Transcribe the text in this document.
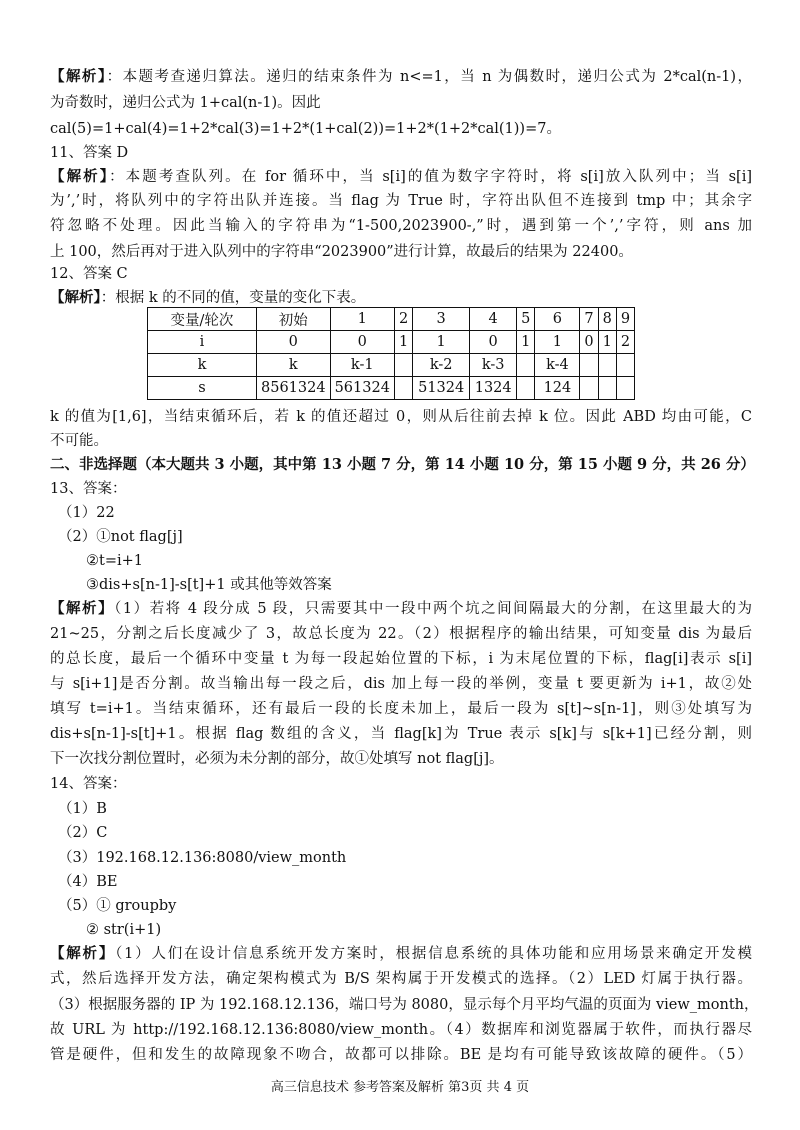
【解析】：本题考查递归算法。递归的结束条件为 n<=1，当 n 为偶数时，递归公式为 2*cal(n-1)，
为奇数时，递归公式为 1+cal(n-1)。因此
cal(5)=1+cal(4)=1+2*cal(3)=1+2*(1+cal(2))=1+2*(1+2*cal(1))=7。
11、答案 D
【解析】：本题考查队列。在 for 循环中，当 s[i]的值为数字字符时，将 s[i]放入队列中；当 s[i]
为’,’时，将队列中的字符出队并连接。当 flag 为 True 时，字符出队但不连接到 tmp 中；其余字
符忽略不处理。因此当输入的字符串为“1-500,2023900-,”时，遇到第一个’,’字符，则 ans 加
上 100，然后再对于进入队列中的字符串“2023900”进行计算，故最后的结果为 22400。
12、答案 C
【解析】：根据 k 的不同的值，变量的变化下表。
变量/轮次	初始	1	2	3	4	5	6	7	8	9
i	0	0	1	1	0	1	1	0	1	2
k	k	k-1		k-2	k-3		k-4			
s	8561324	561324		51324	1324		124			
k 的值为[1,6]，当结束循环后，若 k 的值还超过 0，则从后往前去掉 k 位。因此 ABD 均由可能，C
不可能。
二、非选择题（本大题共 3 小题，其中第 13 小题 7 分，第 14 小题 10 分，第 15 小题 9 分，共 26 分）
13、答案：
（1）22
（2）①not flag[j]
②t=i+1
③dis+s[n-1]-s[t]+1 或其他等效答案
【解析】（1）若将 4 段分成 5 段，只需要其中一段中两个坑之间间隔最大的分割，在这里最大的为
21~25，分割之后长度减少了 3，故总长度为 22。（2）根据程序的输出结果，可知变量 dis 为最后
的总长度，最后一个循环中变量 t 为每一段起始位置的下标，i 为末尾位置的下标，flag[i]表示 s[i]
与 s[i+1]是否分割。故当输出每一段之后，dis 加上每一段的举例，变量 t 要更新为 i+1，故②处
填写 t=i+1。当结束循环，还有最后一段的长度未加上，最后一段为 s[t]~s[n-1]，则③处填写为
dis+s[n-1]-s[t]+1。根据 flag 数组的含义，当 flag[k]为 True 表示 s[k]与 s[k+1]已经分割，则
下一次找分割位置时，必须为未分割的部分，故①处填写 not flag[j]。
14、答案：
（1）B
（2）C
（3）192.168.12.136:8080/view_month
（4）BE
（5）① groupby
② str(i+1)
【解析】（1）人们在设计信息系统开发方案时，根据信息系统的具体功能和应用场景来确定开发模
式，然后选择开发方法，确定架构模式为 B/S 架构属于开发模式的选择。（2）LED 灯属于执行器。
（3）根据服务器的 IP 为 192.168.12.136，端口号为 8080，显示每个月平均气温的页面为 view_month，
故 URL 为 http://192.168.12.136:8080/view_month。（4）数据库和浏览器属于软件，而执行器尽
管是硬件，但和发生的故障现象不吻合，故都可以排除。BE 是均有可能导致该故障的硬件。（5）
高三信息技术 参考答案及解析 第3页 共 4 页
